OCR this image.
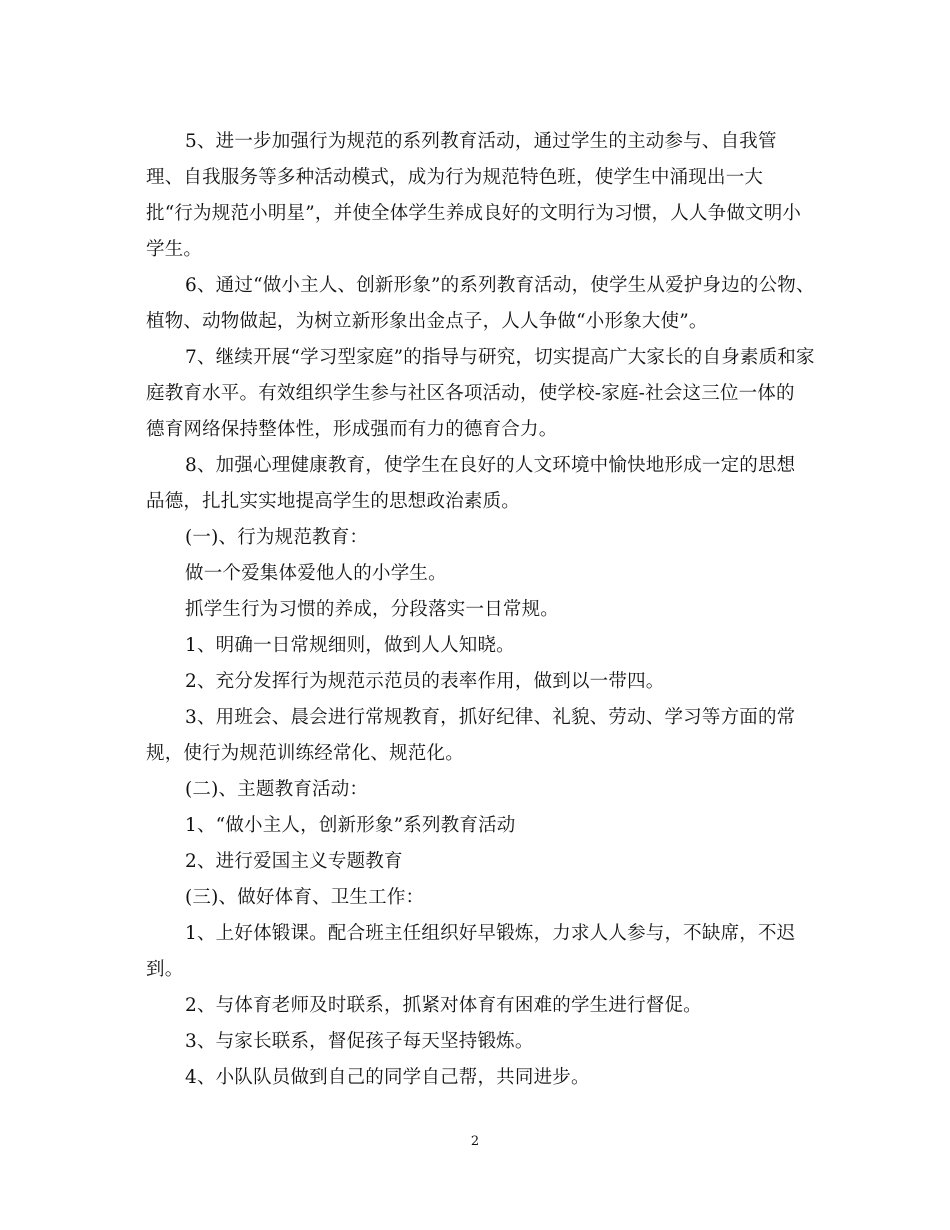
5、进一步加强行为规范的系列教育活动，通过学生的主动参与、自我管
理、自我服务等多种活动模式，成为行为规范特色班，使学生中涌现出一大
批“行为规范小明星”，并使全体学生养成良好的文明行为习惯，人人争做文明小
学生。
6、通过“做小主人、创新形象”的系列教育活动，使学生从爱护身边的公物、
植物、动物做起，为树立新形象出金点子，人人争做“小形象大使”。
7、继续开展“学习型家庭”的指导与研究，切实提高广大家长的自身素质和家
庭教育水平。有效组织学生参与社区各项活动，使学校-家庭-社会这三位一体的
德育网络保持整体性，形成强而有力的德育合力。
8、加强心理健康教育，使学生在良好的人文环境中愉快地形成一定的思想
品德，扎扎实实地提高学生的思想政治素质。
(一)、行为规范教育：
做一个爱集体爱他人的小学生。
抓学生行为习惯的养成，分段落实一日常规。
1、明确一日常规细则，做到人人知晓。
2、充分发挥行为规范示范员的表率作用，做到以一带四。
3、用班会、晨会进行常规教育，抓好纪律、礼貌、劳动、学习等方面的常
规，使行为规范训练经常化、规范化。
(二)、主题教育活动：
1、“做小主人，创新形象”系列教育活动
2、进行爱国主义专题教育
(三)、做好体育、卫生工作：
1、上好体锻课。配合班主任组织好早锻炼，力求人人参与，不缺席，不迟
到。
2、与体育老师及时联系，抓紧对体育有困难的学生进行督促。
3、与家长联系，督促孩子每天坚持锻炼。
4、小队队员做到自己的同学自己帮，共同进步。
2
